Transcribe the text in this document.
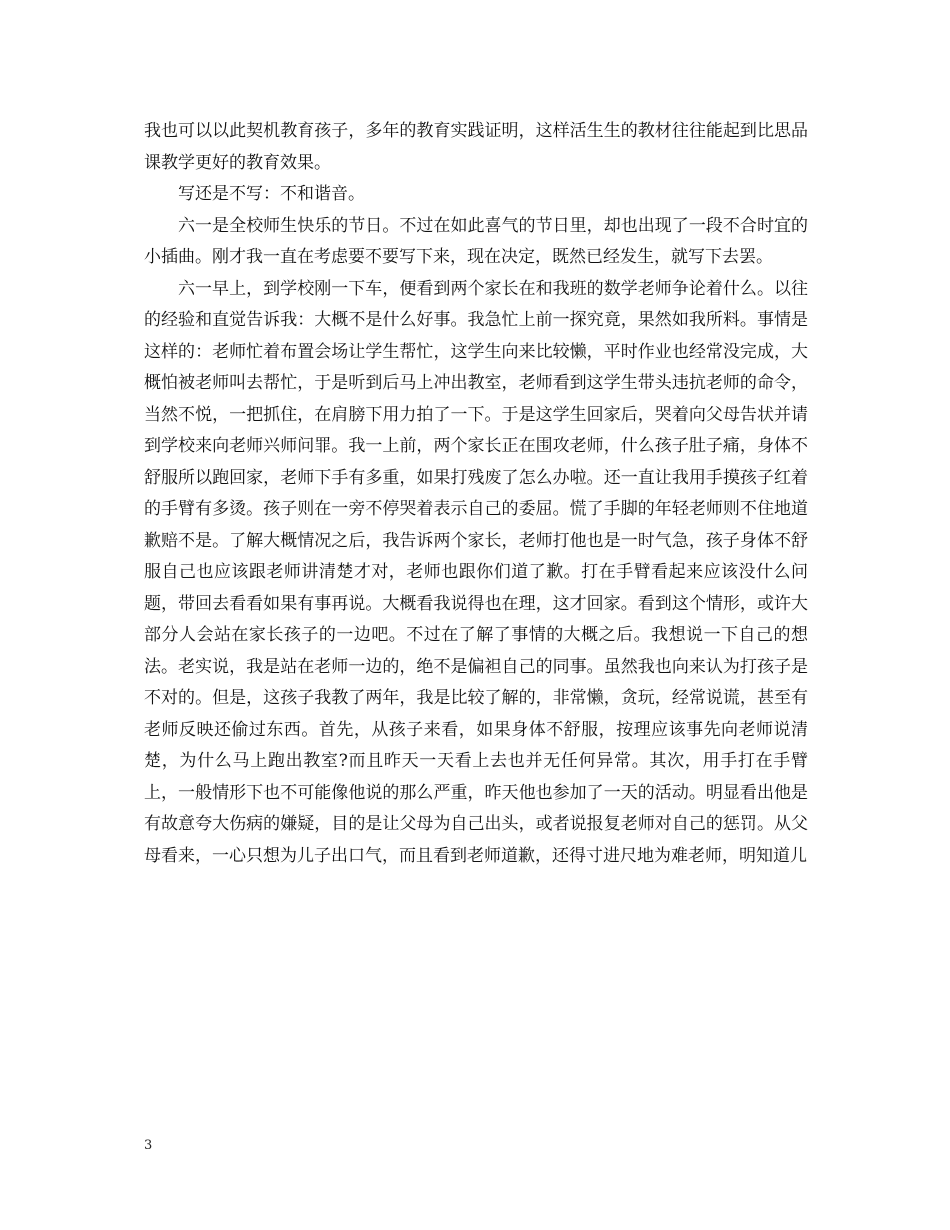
我也可以以此契机教育孩子，多年的教育实践证明，这样活生生的教材往往能起到比思品课教学更好的教育效果。

写还是不写：不和谐音。

六一是全校师生快乐的节日。不过在如此喜气的节日里，却也出现了一段不合时宜的小插曲。刚才我一直在考虑要不要写下来，现在决定，既然已经发生，就写下去罢。

六一早上，到学校刚一下车，便看到两个家长在和我班的数学老师争论着什么。以往的经验和直觉告诉我：大概不是什么好事。我急忙上前一探究竟，果然如我所料。事情是这样的：老师忙着布置会场让学生帮忙，这学生向来比较懒，平时作业也经常没完成，大概怕被老师叫去帮忙，于是听到后马上冲出教室，老师看到这学生带头违抗老师的命令，当然不悦，一把抓住，在肩膀下用力拍了一下。于是这学生回家后，哭着向父母告状并请到学校来向老师兴师问罪。我一上前，两个家长正在围攻老师，什么孩子肚子痛，身体不舒服所以跑回家，老师下手有多重，如果打残废了怎么办啦。还一直让我用手摸孩子红着的手臂有多烫。孩子则在一旁不停哭着表示自己的委屈。慌了手脚的年轻老师则不住地道歉赔不是。了解大概情况之后，我告诉两个家长，老师打他也是一时气急，孩子身体不舒服自己也应该跟老师讲清楚才对，老师也跟你们道了歉。打在手臂看起来应该没什么问题，带回去看看如果有事再说。大概看我说得也在理，这才回家。看到这个情形，或许大部分人会站在家长孩子的一边吧。不过在了解了事情的大概之后。我想说一下自己的想法。老实说，我是站在老师一边的，绝不是偏袒自己的同事。虽然我也向来认为打孩子是不对的。但是，这孩子我教了两年，我是比较了解的，非常懒，贪玩，经常说谎，甚至有老师反映还偷过东西。首先，从孩子来看，如果身体不舒服，按理应该事先向老师说清楚，为什么马上跑出教室?而且昨天一天看上去也并无任何异常。其次，用手打在手臂上，一般情形下也不可能像他说的那么严重，昨天他也参加了一天的活动。明显看出他是有故意夸大伤病的嫌疑，目的是让父母为自己出头，或者说报复老师对自己的惩罚。从父母看来，一心只想为儿子出口气，而且看到老师道歉，还得寸进尺地为难老师，明知道儿

3
